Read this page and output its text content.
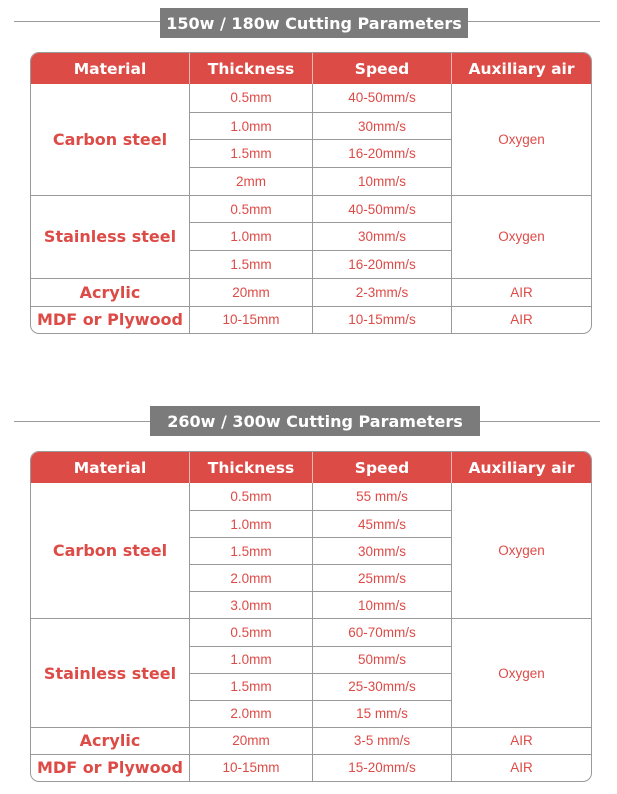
150w / 180w Cutting Parameters
Material	Thickness	Speed	Auxiliary air
Carbon steel	0.5mm	40-50mm/s	Oxygen
	1.0mm	30mm/s	
	1.5mm	16-20mm/s	
	2mm	10mm/s	
Stainless steel	0.5mm	40-50mm/s	Oxygen
	1.0mm	30mm/s	
	1.5mm	16-20mm/s	
Acrylic	20mm	2-3mm/s	AIR
MDF or Plywood	10-15mm	10-15mm/s	AIR
260w / 300w Cutting Parameters
Material	Thickness	Speed	Auxiliary air
Carbon steel	0.5mm	55 mm/s	Oxygen
	1.0mm	45mm/s	
	1.5mm	30mm/s	
	2.0mm	25mm/s	
	3.0mm	10mm/s	
Stainless steel	0.5mm	60-70mm/s	Oxygen
	1.0mm	50mm/s	
	1.5mm	25-30mm/s	
	2.0mm	15 mm/s	
Acrylic	20mm	3-5 mm/s	AIR
MDF or Plywood	10-15mm	15-20mm/s	AIR
